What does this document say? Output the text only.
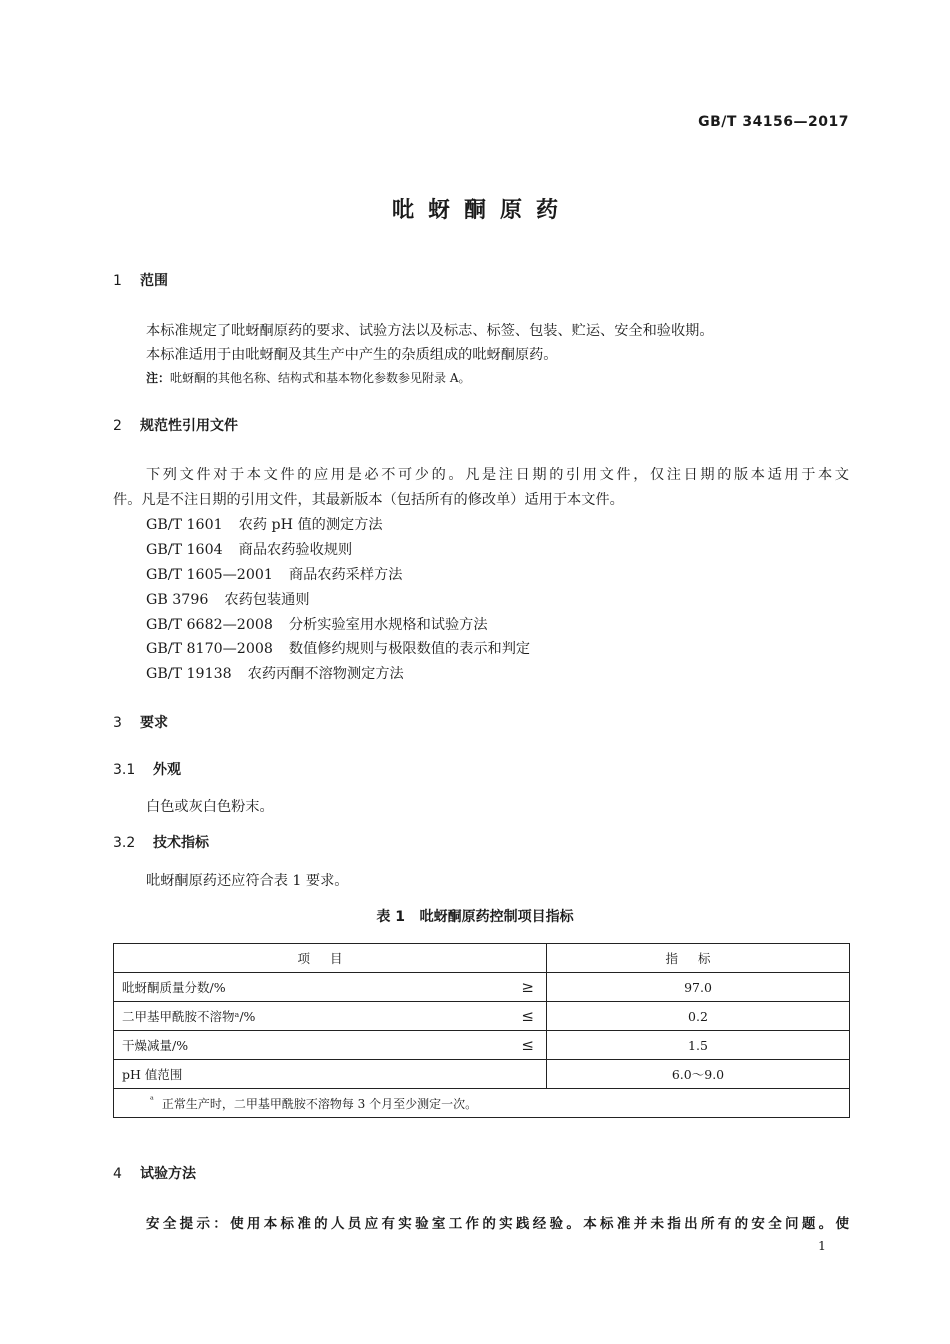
GB/T 34156—2017
吡蚜酮原药
1 范围
本标准规定了吡蚜酮原药的要求、试验方法以及标志、标签、包装、贮运、安全和验收期。
本标准适用于由吡蚜酮及其生产中产生的杂质组成的吡蚜酮原药。
注：吡蚜酮的其他名称、结构式和基本物化参数参见附录 A。
2 规范性引用文件
下列文件对于本文件的应用是必不可少的。凡是注日期的引用文件，仅注日期的版本适用于本文
件。凡是不注日期的引用文件，其最新版本（包括所有的修改单）适用于本文件。
GB/T 1601 农药 pH 值的测定方法
GB/T 1604 商品农药验收规则
GB/T 1605—2001 商品农药采样方法
GB 3796 农药包装通则
GB/T 6682—2008 分析实验室用水规格和试验方法
GB/T 8170—2008 数值修约规则与极限数值的表示和判定
GB/T 19138 农药丙酮不溶物测定方法
3 要求
3.1 外观
白色或灰白色粉末。
3.2 技术指标
吡蚜酮原药还应符合表 1 要求。
表 1   吡蚜酮原药控制项目指标
项目	指标

吡蚜酮质量分数/% ≥	97.0

二甲基甲酰胺不溶物ᵃ/% ≤	0.2

干燥减量/% ≤	1.5

pH 值范围	6.0～9.0
$^ᵃ$ 正常生产时，二甲基甲酰胺不溶物每 3 个月至少测定一次。	
4 试验方法
安全提示：使用本标准的人员应有实验室工作的实践经验。本标准并未指出所有的安全问题。使
1
